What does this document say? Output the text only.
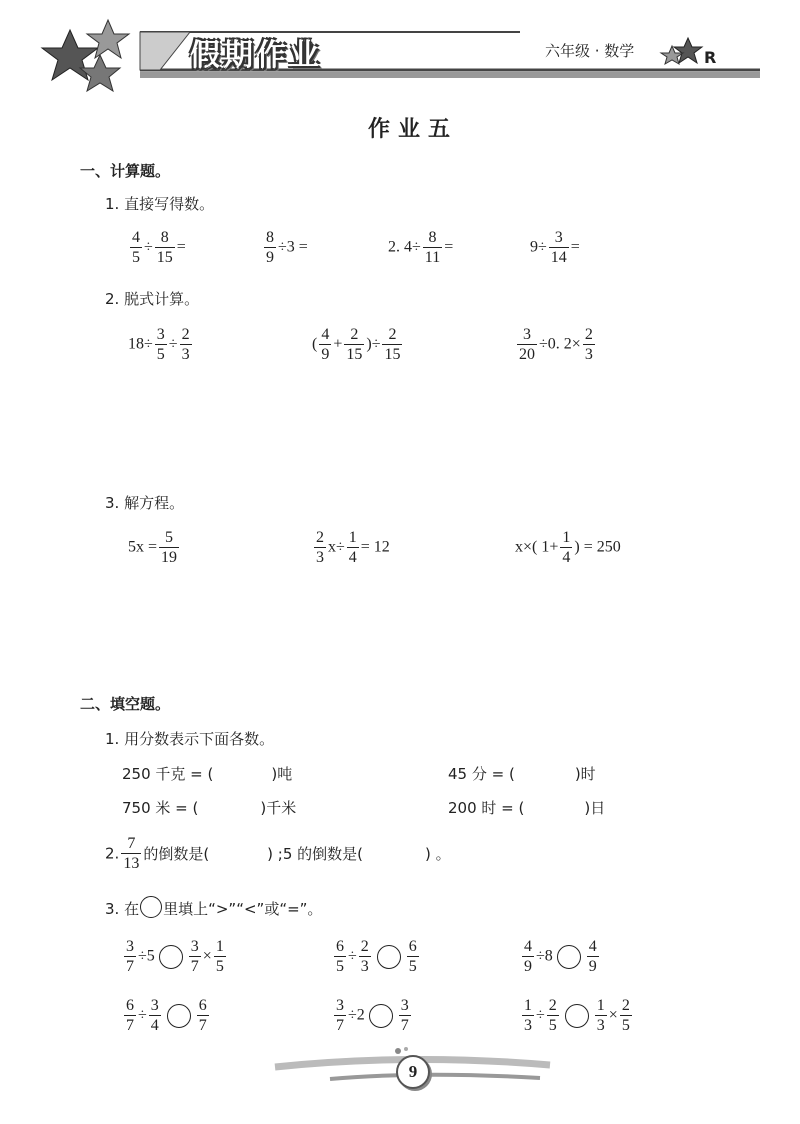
假期作业	六年级 · 数学	R
作业五
一、计算题。
1. 直接写得数。
$\frac{4}{5} \div \frac{8}{15}$ =	$\frac{8}{9} \div 3$ =	2. $4\div \frac{8}{11}$ =	$9\div \frac{3}{14}$ =
2. 脱式计算。
$18\div \frac{3}{5} \div \frac{2}{3}$	( $\frac{4}{9} + \frac{2}{15}$ )÷ $\frac{2}{15}$	$\frac{3}{20} \div 0$. $2\times \frac{2}{3}$
3. 解方程。
$5x = \frac{5}{19}$	$\frac{2}{3} x\div \frac{1}{4} = 12$	x×( $1+ \frac{1}{4}$ ) = 250
二、填空题。
1. 用分数表示下面各数。
250 千克 = (	)吨	45 分 = (	)时
750 米 = (	)千米	200 时 = (	)日
2. $\frac{7}{13}$ 的倒数是(	) ;5 的倒数是(	) 。
3. 在 里填上“>”“<”或“=”。
$\frac{3}{7} \div 5 \frac{3}{7} \times \frac{1}{5}$	$\frac{6}{5} \div \frac{2}{3} \frac{6}{5}$	$\frac{4}{9} \div 8 \frac{4}{9}$
$\frac{6}{7} \div \frac{3}{4} \frac{6}{7}$	$\frac{3}{7} \div 2 \frac{3}{7}$	$\frac{1}{3} \div \frac{2}{5} \frac{1}{3} \times \frac{2}{5}$
9
